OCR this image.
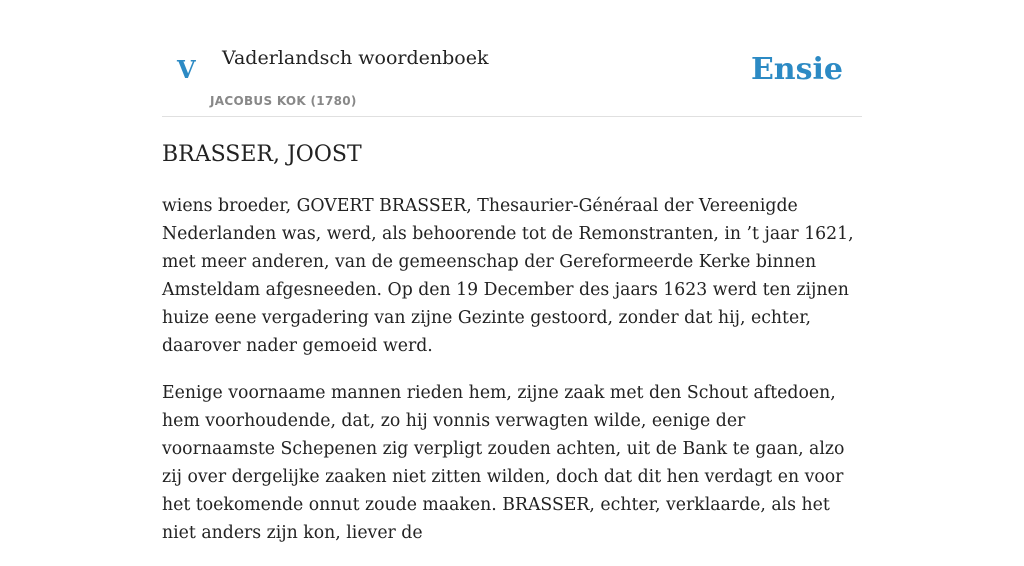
V Vaderlandsch woordenboek
JACOBUS KOK (1780)
Ensie
BRASSER, JOOST

wiens broeder, GOVERT BRASSER, Thesaurier-Généraal der Vereenigde Nederlanden was, werd, als behoorende tot de Remonstranten, in ’t jaar 1621, met meer anderen, van de gemeenschap der Gereformeerde Kerke binnen Amsteldam afgesneeden. Op den 19 December des jaars 1623 werd ten zijnen huize eene vergadering van zijne Gezinte gestoord, zonder dat hij, echter, daarover nader gemoeid werd.

Eenige voornaame mannen rieden hem, zijne zaak met den Schout aftedoen, hem voorhoudende, dat, zo hij vonnis verwagten wilde, eenige der voornaamste Schepenen zig verpligt zouden achten, uit de Bank te gaan, alzo zij over dergelijke zaaken niet zitten wilden, doch dat dit hen verdagt en voor het toekomende onnut zoude maaken. BRASSER, echter, verklaarde, als het niet anders zijn kon, liever de
